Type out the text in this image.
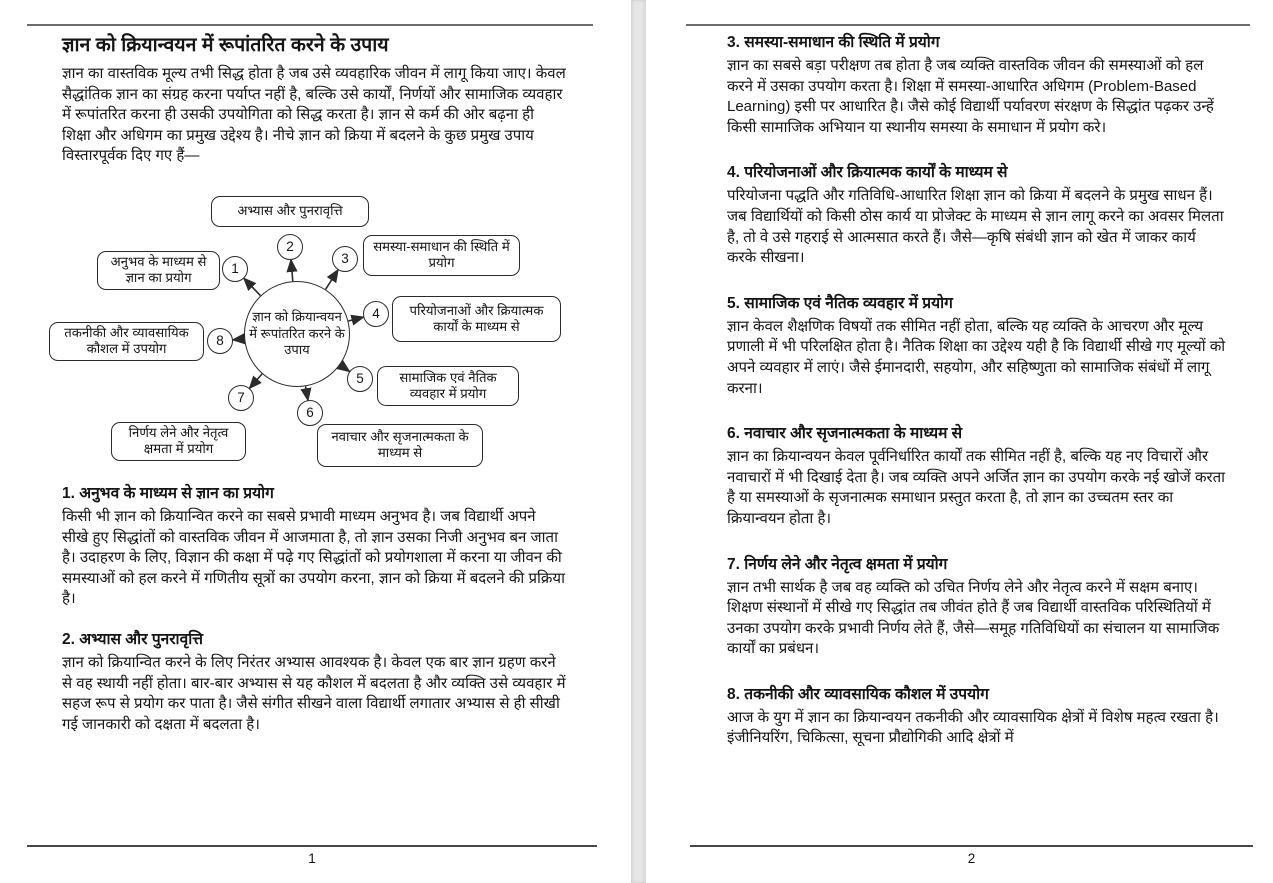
ज्ञान को क्रियान्वयन में रूपांतरित करने के उपाय

ज्ञान का वास्तविक मूल्य तभी सिद्ध होता है जब उसे व्यवहारिक जीवन में लागू किया जाए। केवल सैद्धांतिक ज्ञान का संग्रह करना पर्याप्त नहीं है, बल्कि उसे कार्यों, निर्णयों और सामाजिक व्यवहार में रूपांतरित करना ही उसकी उपयोगिता को सिद्ध करता है। ज्ञान से कर्म की ओर बढ़ना ही शिक्षा और अधिगम का प्रमुख उद्देश्य है। नीचे ज्ञान को क्रिया में बदलने के कुछ प्रमुख उपाय विस्तारपूर्वक दिए गए हैं—

ज्ञान को क्रियान्वयन में रूपांतरित करने के उपाय
अनुभव के माध्यम से ज्ञान का प्रयोग
अभ्यास और पुनरावृत्ति
समस्या-समाधान की स्थिति में प्रयोग
परियोजनाओं और क्रियात्मक कार्यों के माध्यम से
सामाजिक एवं नैतिक व्यवहार में प्रयोग
नवाचार और सृजनात्मकता के माध्यम से
निर्णय लेने और नेतृत्व क्षमता में प्रयोग
तकनीकी और व्यावसायिक कौशल में उपयोग
1
2
3
4
5
6
7
8
1. अनुभव के माध्यम से ज्ञान का प्रयोग

किसी भी ज्ञान को क्रियान्वित करने का सबसे प्रभावी माध्यम अनुभव है। जब विद्यार्थी अपने सीखे हुए सिद्धांतों को वास्तविक जीवन में आजमाता है, तो ज्ञान उसका निजी अनुभव बन जाता है। उदाहरण के लिए, विज्ञान की कक्षा में पढ़े गए सिद्धांतों को प्रयोगशाला में करना या जीवन की समस्याओं को हल करने में गणितीय सूत्रों का उपयोग करना, ज्ञान को क्रिया में बदलने की प्रक्रिया है।

2. अभ्यास और पुनरावृत्ति

ज्ञान को क्रियान्वित करने के लिए निरंतर अभ्यास आवश्यक है। केवल एक बार ज्ञान ग्रहण करने से वह स्थायी नहीं होता। बार-बार अभ्यास से यह कौशल में बदलता है और व्यक्ति उसे व्यवहार में सहज रूप से प्रयोग कर पाता है। जैसे संगीत सीखने वाला विद्यार्थी लगातार अभ्यास से ही सीखी गई जानकारी को दक्षता में बदलता है।

1
3. समस्या-समाधान की स्थिति में प्रयोग

ज्ञान का सबसे बड़ा परीक्षण तब होता है जब व्यक्ति वास्तविक जीवन की समस्याओं को हल करने में उसका उपयोग करता है। शिक्षा में समस्या-आधारित अधिगम (Problem-Based Learning) इसी पर आधारित है। जैसे कोई विद्यार्थी पर्यावरण संरक्षण के सिद्धांत पढ़कर उन्हें किसी सामाजिक अभियान या स्थानीय समस्या के समाधान में प्रयोग करे।

4. परियोजनाओं और क्रियात्मक कार्यों के माध्यम से

परियोजना पद्धति और गतिविधि-आधारित शिक्षा ज्ञान को क्रिया में बदलने के प्रमुख साधन हैं। जब विद्यार्थियों को किसी ठोस कार्य या प्रोजेक्ट के माध्यम से ज्ञान लागू करने का अवसर मिलता है, तो वे उसे गहराई से आत्मसात करते हैं। जैसे—कृषि संबंधी ज्ञान को खेत में जाकर कार्य करके सीखना।

5. सामाजिक एवं नैतिक व्यवहार में प्रयोग

ज्ञान केवल शैक्षणिक विषयों तक सीमित नहीं होता, बल्कि यह व्यक्ति के आचरण और मूल्य प्रणाली में भी परिलक्षित होता है। नैतिक शिक्षा का उद्देश्य यही है कि विद्यार्थी सीखे गए मूल्यों को अपने व्यवहार में लाएं। जैसे ईमानदारी, सहयोग, और सहिष्णुता को सामाजिक संबंधों में लागू करना।

6. नवाचार और सृजनात्मकता के माध्यम से

ज्ञान का क्रियान्वयन केवल पूर्वनिर्धारित कार्यों तक सीमित नहीं है, बल्कि यह नए विचारों और नवाचारों में भी दिखाई देता है। जब व्यक्ति अपने अर्जित ज्ञान का उपयोग करके नई खोजें करता है या समस्याओं के सृजनात्मक समाधान प्रस्तुत करता है, तो ज्ञान का उच्चतम स्तर का क्रियान्वयन होता है।

7. निर्णय लेने और नेतृत्व क्षमता में प्रयोग

ज्ञान तभी सार्थक है जब वह व्यक्ति को उचित निर्णय लेने और नेतृत्व करने में सक्षम बनाए। शिक्षण संस्थानों में सीखे गए सिद्धांत तब जीवंत होते हैं जब विद्यार्थी वास्तविक परिस्थितियों में उनका उपयोग करके प्रभावी निर्णय लेते हैं, जैसे—समूह गतिविधियों का संचालन या सामाजिक कार्यों का प्रबंधन।

8. तकनीकी और व्यावसायिक कौशल में उपयोग

आज के युग में ज्ञान का क्रियान्वयन तकनीकी और व्यावसायिक क्षेत्रों में विशेष महत्व रखता है। इंजीनियरिंग, चिकित्सा, सूचना प्रौद्योगिकी आदि क्षेत्रों में

2
